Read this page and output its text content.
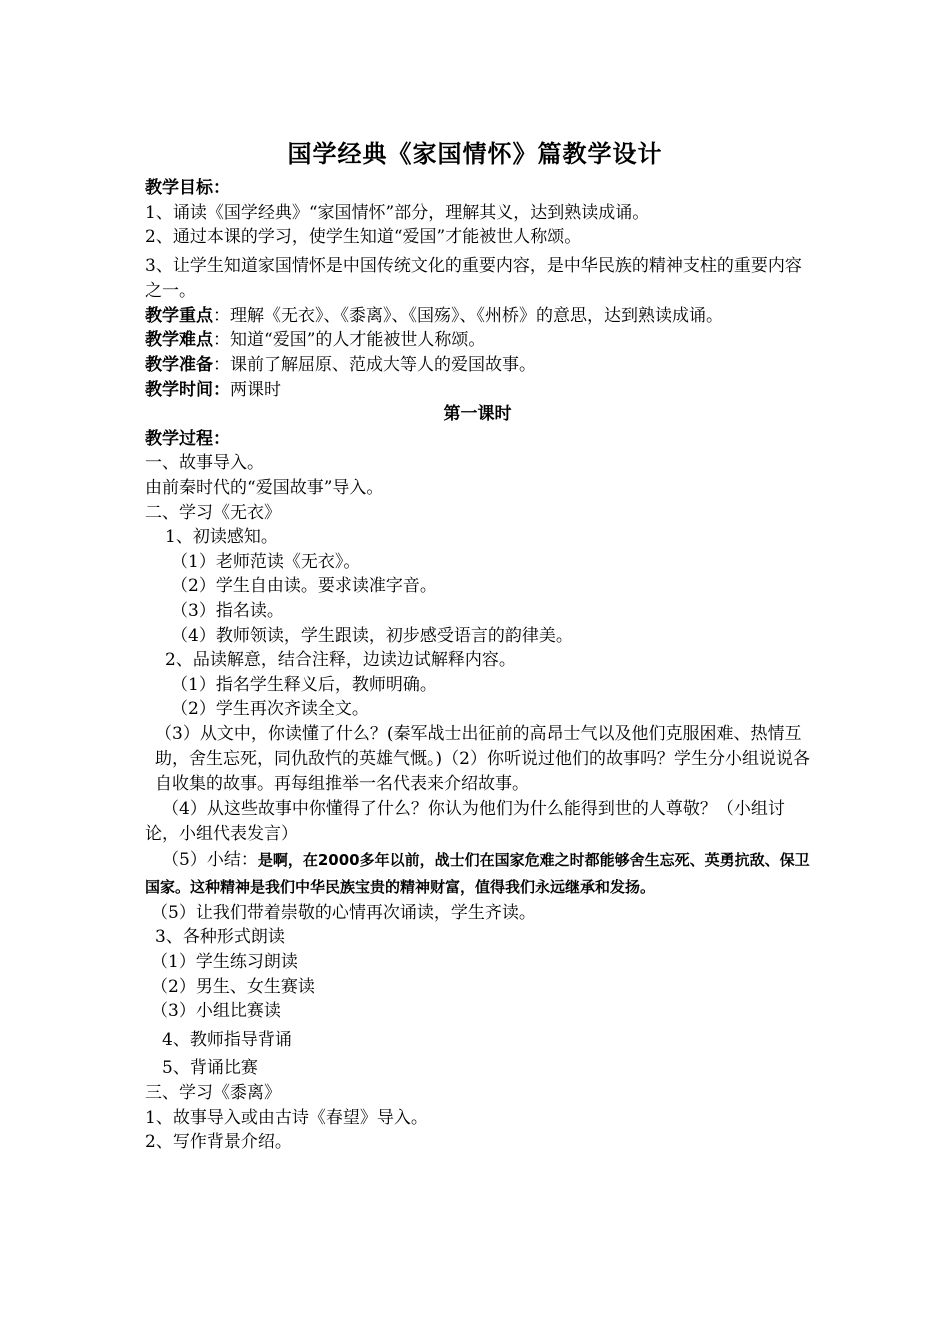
国学经典《家国情怀》篇教学设计
教学目标：
1、诵读《国学经典》“家国情怀”部分，理解其义，达到熟读成诵。
2、通过本课的学习，使学生知道“爱国”才能被世人称颂。
3、让学生知道家国情怀是中国传统文化的重要内容，是中华民族的精神支柱的重要内容之一。
教学重点：理解《无衣》、《黍离》、《国殇》、《州桥》的意思，达到熟读成诵。
教学难点：知道“爱国”的人才能被世人称颂。
教学准备：课前了解屈原、范成大等人的爱国故事。
教学时间：两课时
第一课时
教学过程：
一、故事导入。
由前秦时代的“爱国故事”导入。
二、学习《无衣》
1、初读感知。
（1）老师范读《无衣》。
（2）学生自由读。要求读准字音。
（3）指名读。
（4）教师领读，学生跟读，初步感受语言的韵律美。
2、品读解意，结合注释，边读边试解释内容。
（1）指名学生释义后，教师明确。
（2）学生再次齐读全文。
（3）从文中，你读懂了什么？(秦军战士出征前的高昂士气以及他们克服困难、热情互助，舍生忘死，同仇敌忾的英雄气慨。)（2）你听说过他们的故事吗？学生分小组说说各自收集的故事。再每组推举一名代表来介绍故事。
（4）从这些故事中你懂得了什么？你认为他们为什么能得到世的人尊敬？（小组讨论，小组代表发言）
（5）小结：是啊，在2000多年以前，战士们在国家危难之时都能够舍生忘死、英勇抗敌、保卫国家。这种精神是我们中华民族宝贵的精神财富，值得我们永远继承和发扬。
（5）让我们带着崇敬的心情再次诵读，学生齐读。
3、各种形式朗读
（1）学生练习朗读
（2）男生、女生赛读
（3）小组比赛读
4、教师指导背诵
5、背诵比赛
三、学习《黍离》
1、故事导入或由古诗《春望》导入。
2、写作背景介绍。
